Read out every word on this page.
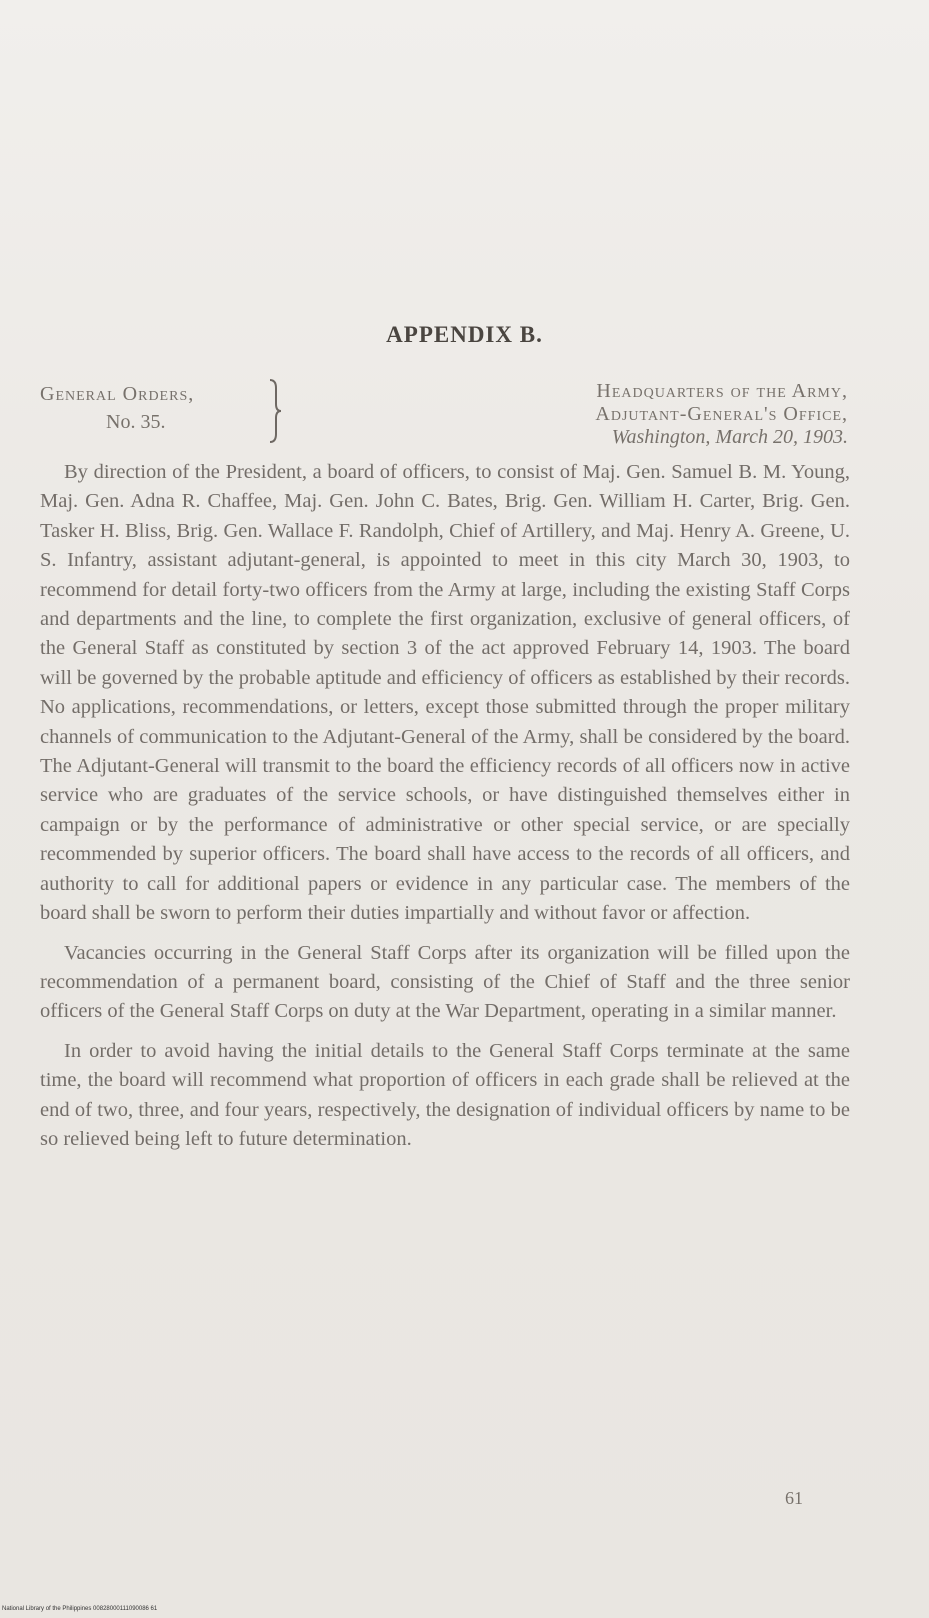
APPENDIX B.
General Orders,
No. 35.
Headquarters of the Army,
Adjutant-General's Office,
Washington, March 20, 1903.

By direction of the President, a board of officers, to consist of Maj. Gen. Samuel B. M. Young, Maj. Gen. Adna R. Chaffee, Maj. Gen. John C. Bates, Brig. Gen. William H. Carter, Brig. Gen. Tasker H. Bliss, Brig. Gen. Wallace F. Randolph, Chief of Artillery, and Maj. Henry A. Greene, U. S. Infantry, assistant adjutant-general, is appointed to meet in this city March 30, 1903, to recommend for detail forty-two officers from the Army at large, including the existing Staff Corps and departments and the line, to complete the first organization, exclusive of general officers, of the General Staff as constituted by section 3 of the act approved February 14, 1903. The board will be governed by the probable aptitude and efficiency of officers as established by their records. No applications, recommendations, or letters, except those submitted through the proper military channels of communication to the Adjutant-General of the Army, shall be considered by the board. The Adjutant-General will transmit to the board the efficiency records of all officers now in active service who are graduates of the service schools, or have distinguished themselves either in campaign or by the performance of administrative or other special service, or are specially recommended by superior officers. The board shall have access to the records of all officers, and authority to call for additional papers or evidence in any particular case. The members of the board shall be sworn to perform their duties impartially and without favor or affection.

Vacancies occurring in the General Staff Corps after its organization will be filled upon the recommendation of a permanent board, consisting of the Chief of Staff and the three senior officers of the General Staff Corps on duty at the War Department, operating in a similar manner.

In order to avoid having the initial details to the General Staff Corps terminate at the same time, the board will recommend what proportion of officers in each grade shall be relieved at the end of two, three, and four years, respectively, the designation of individual officers by name to be so relieved being left to future determination.

61
National Library of the Philippines 00828000111090086 61
